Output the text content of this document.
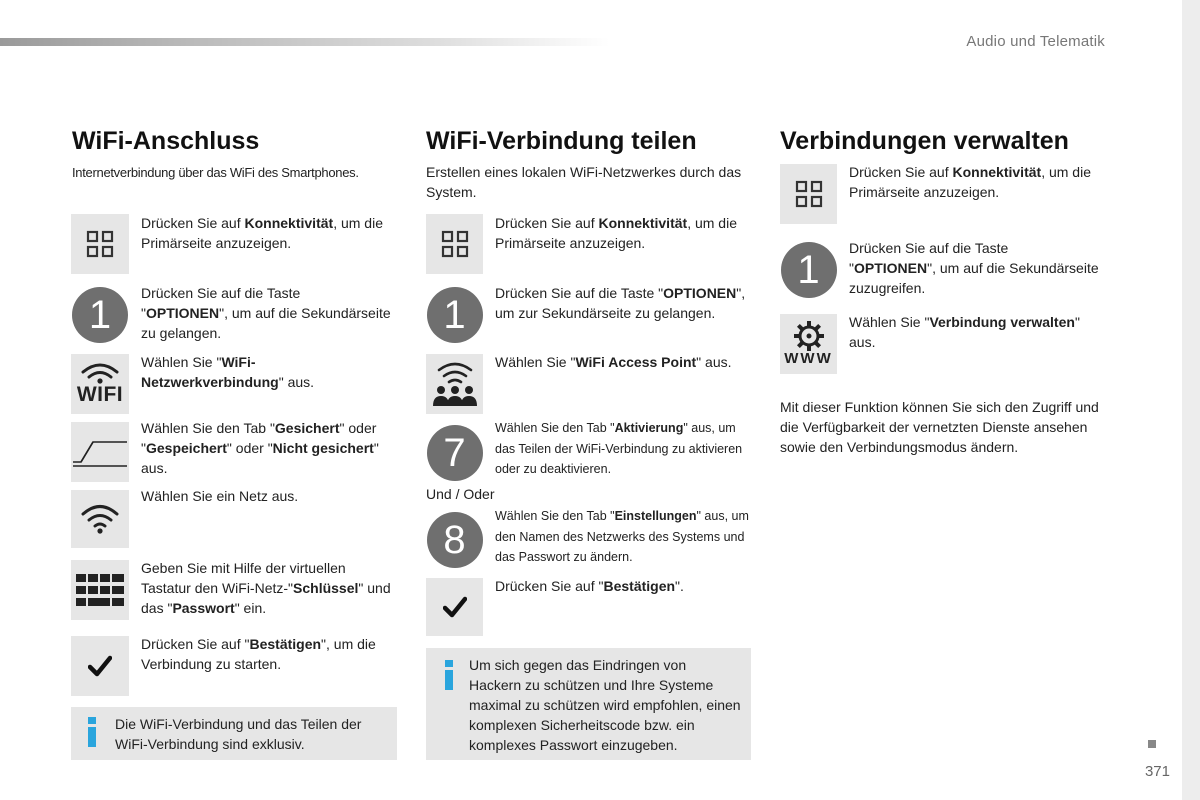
Audio und Telematik
371
WiFi-Anschluss
Internetverbindung über das WiFi des Smartphones.
Drücken Sie auf Konnektivität, um die Primärseite anzuzeigen.
1 Drücken Sie auf die Taste "OPTIONEN", um auf die Sekundärseite zu gelangen.
WIFI
Wählen Sie "WiFi-Netzwerkverbindung" aus.
Wählen Sie den Tab "Gesichert" oder "Gespeichert" oder "Nicht gesichert" aus.
Wählen Sie ein Netz aus.
Geben Sie mit Hilfe der virtuellen Tastatur den WiFi-Netz-"Schlüssel" und das "Passwort" ein.
Drücken Sie auf "Bestätigen", um die Verbindung zu starten.
Die WiFi-Verbindung und das Teilen der WiFi-Verbindung sind exklusiv.
WiFi-Verbindung teilen
Erstellen eines lokalen WiFi-Netzwerkes durch das System.
Drücken Sie auf Konnektivität, um die Primärseite anzuzeigen.
1 Drücken Sie auf die Taste "OPTIONEN", um zur Sekundärseite zu gelangen.
Wählen Sie "WiFi Access Point" aus.
7
Wählen Sie den Tab "Aktivierung" aus, um das Teilen der WiFi-Verbindung zu aktivieren oder zu deaktivieren.
Und / Oder
8
Wählen Sie den Tab "Einstellungen" aus, um den Namen des Netzwerks des Systems und das Passwort zu ändern.
Drücken Sie auf "Bestätigen".
Um sich gegen das Eindringen von Hackern zu schützen und Ihre Systeme maximal zu schützen wird empfohlen, einen komplexen Sicherheitscode bzw. ein komplexes Passwort einzugeben.
Verbindungen verwalten
Drücken Sie auf Konnektivität, um die Primärseite anzuzeigen.
1 Drücken Sie auf die Taste "OPTIONEN", um auf die Sekundärseite zuzugreifen.
WWW
Wählen Sie "Verbindung verwalten" aus.
Mit dieser Funktion können Sie sich den Zugriff und die Verfügbarkeit der vernetzten Dienste ansehen sowie den Verbindungsmodus ändern.
